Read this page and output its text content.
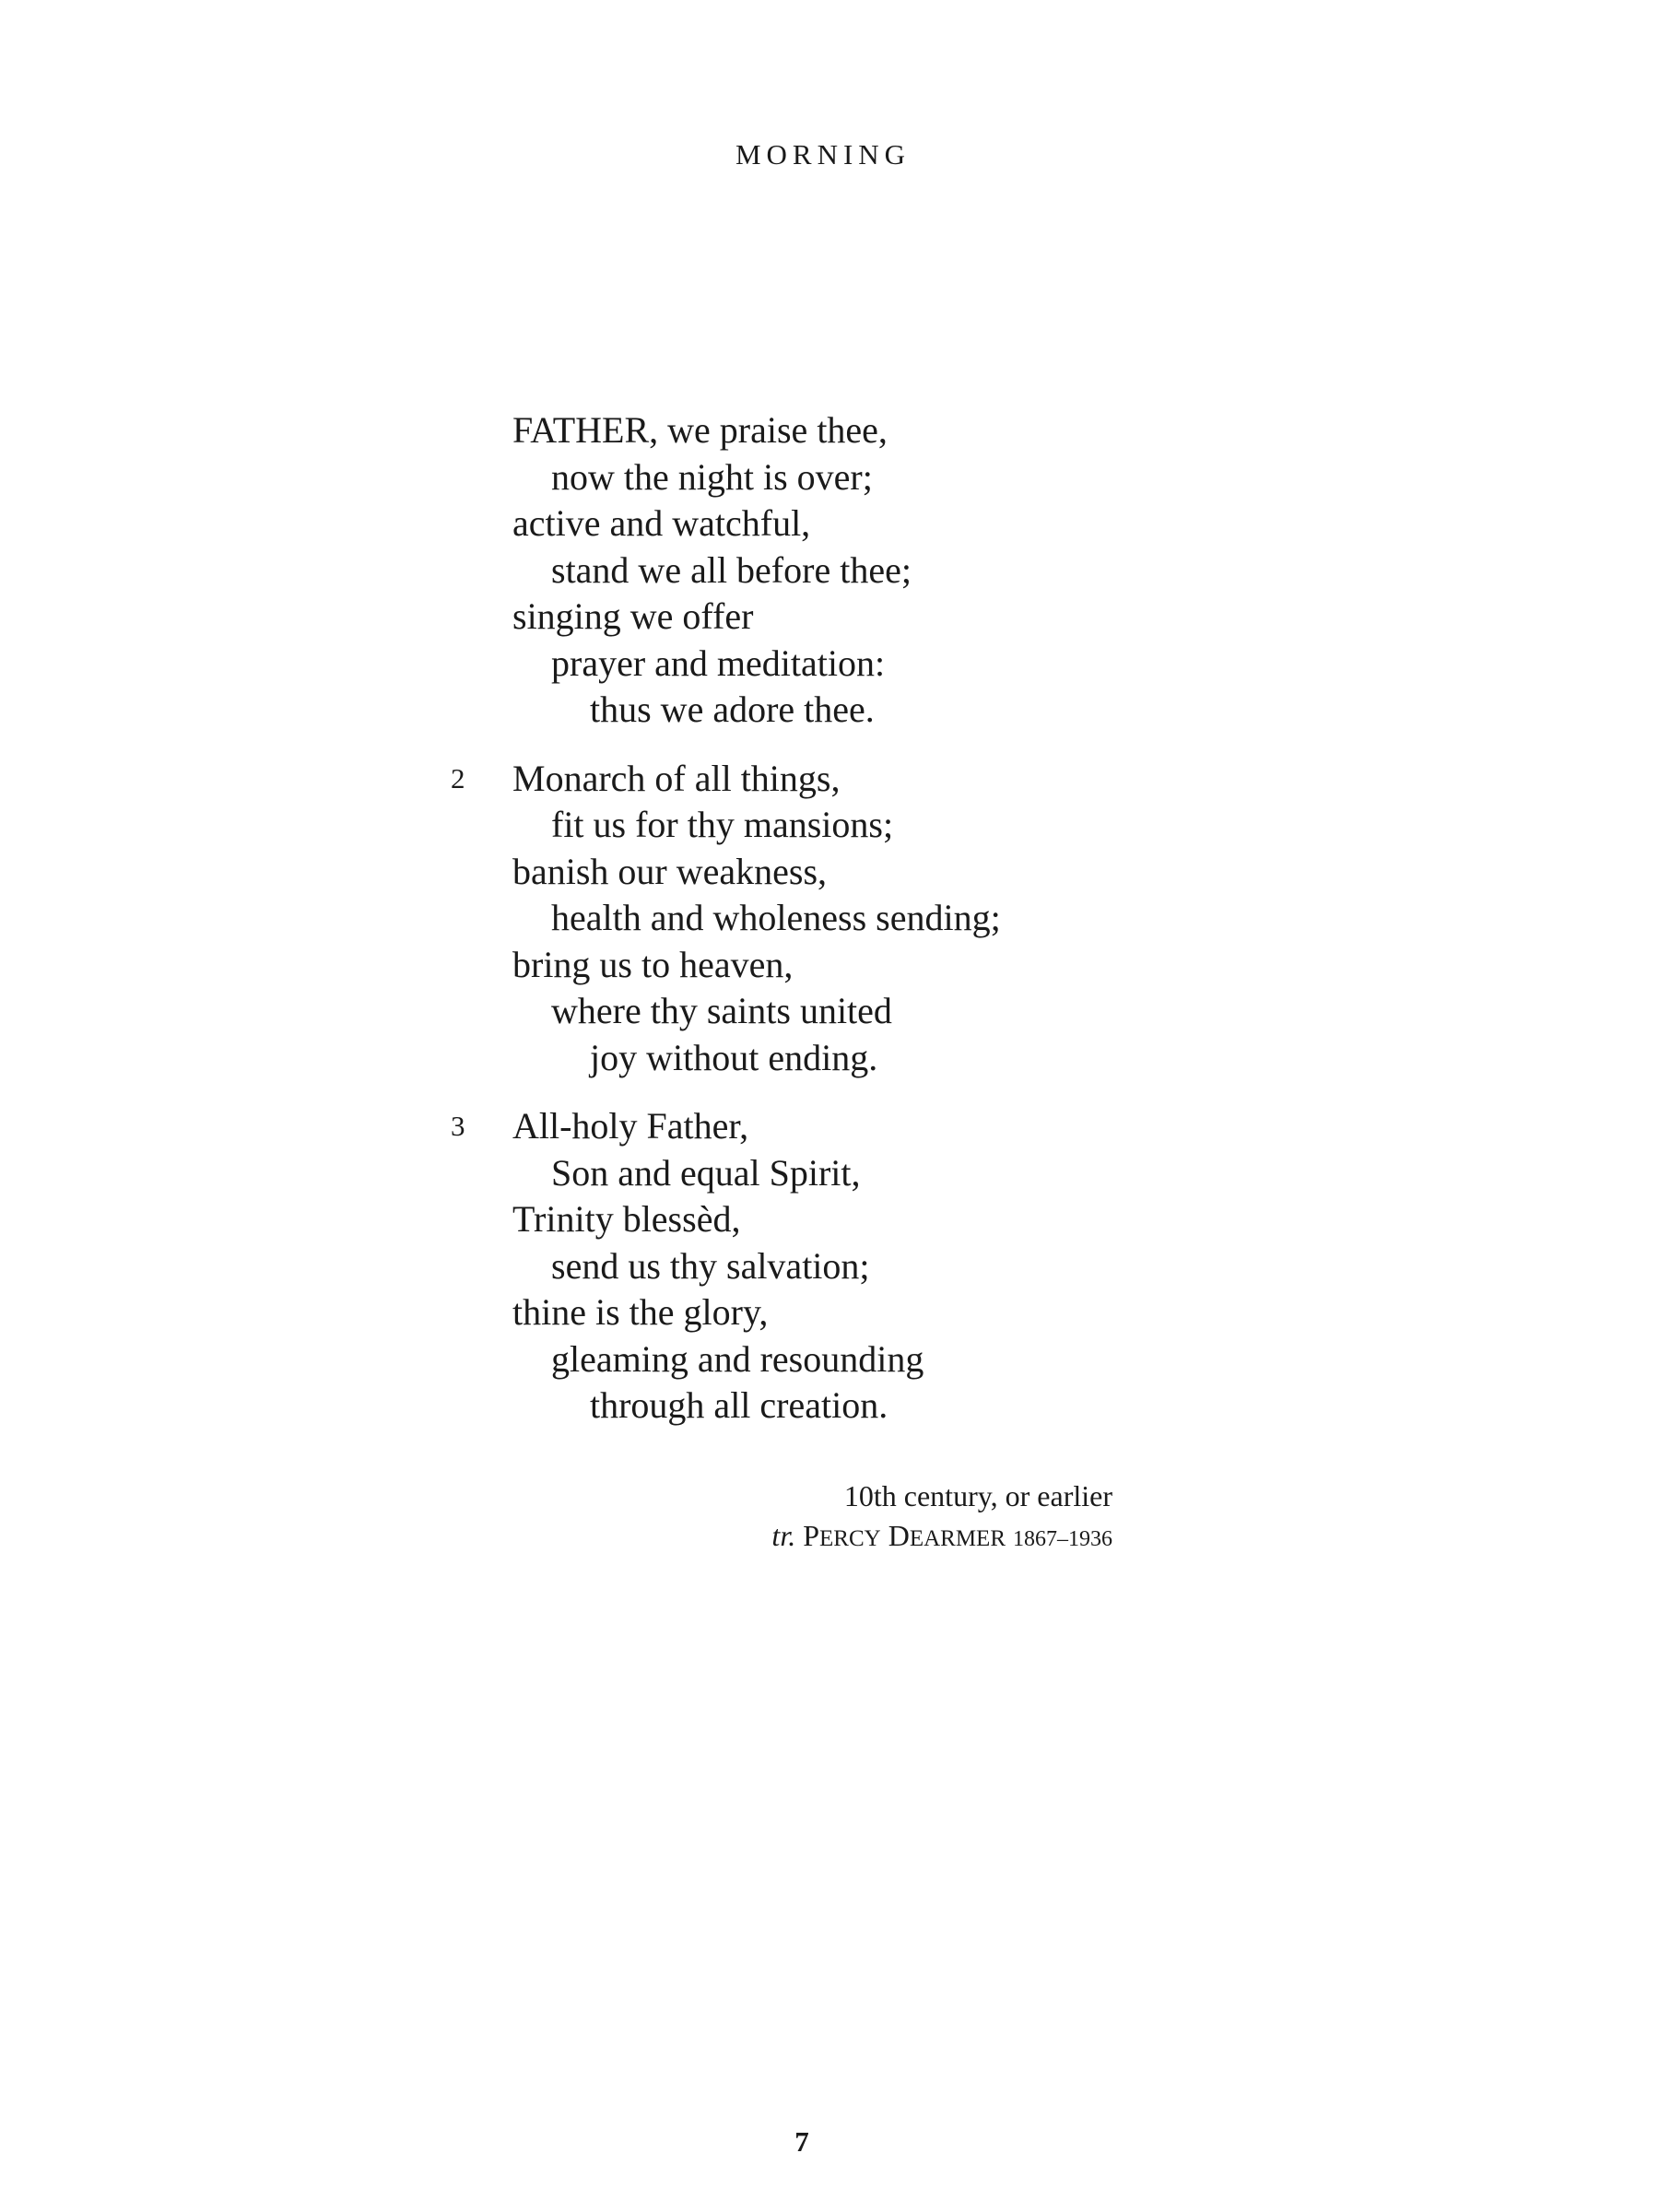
MORNING
FATHER, we praise thee,
now the night is over;
active and watchful,
stand we all before thee;
singing we offer
prayer and meditation:
thus we adore thee.
2 Monarch of all things,
fit us for thy mansions;
banish our weakness,
health and wholeness sending;
bring us to heaven,
where thy saints united
joy without ending.
3 All-holy Father,
Son and equal Spirit,
Trinity blessèd,
send us thy salvation;
thine is the glory,
gleaming and resounding
through all creation.
10th century, or earlier
tr. PERCY DEARMER 1867–1936
7
